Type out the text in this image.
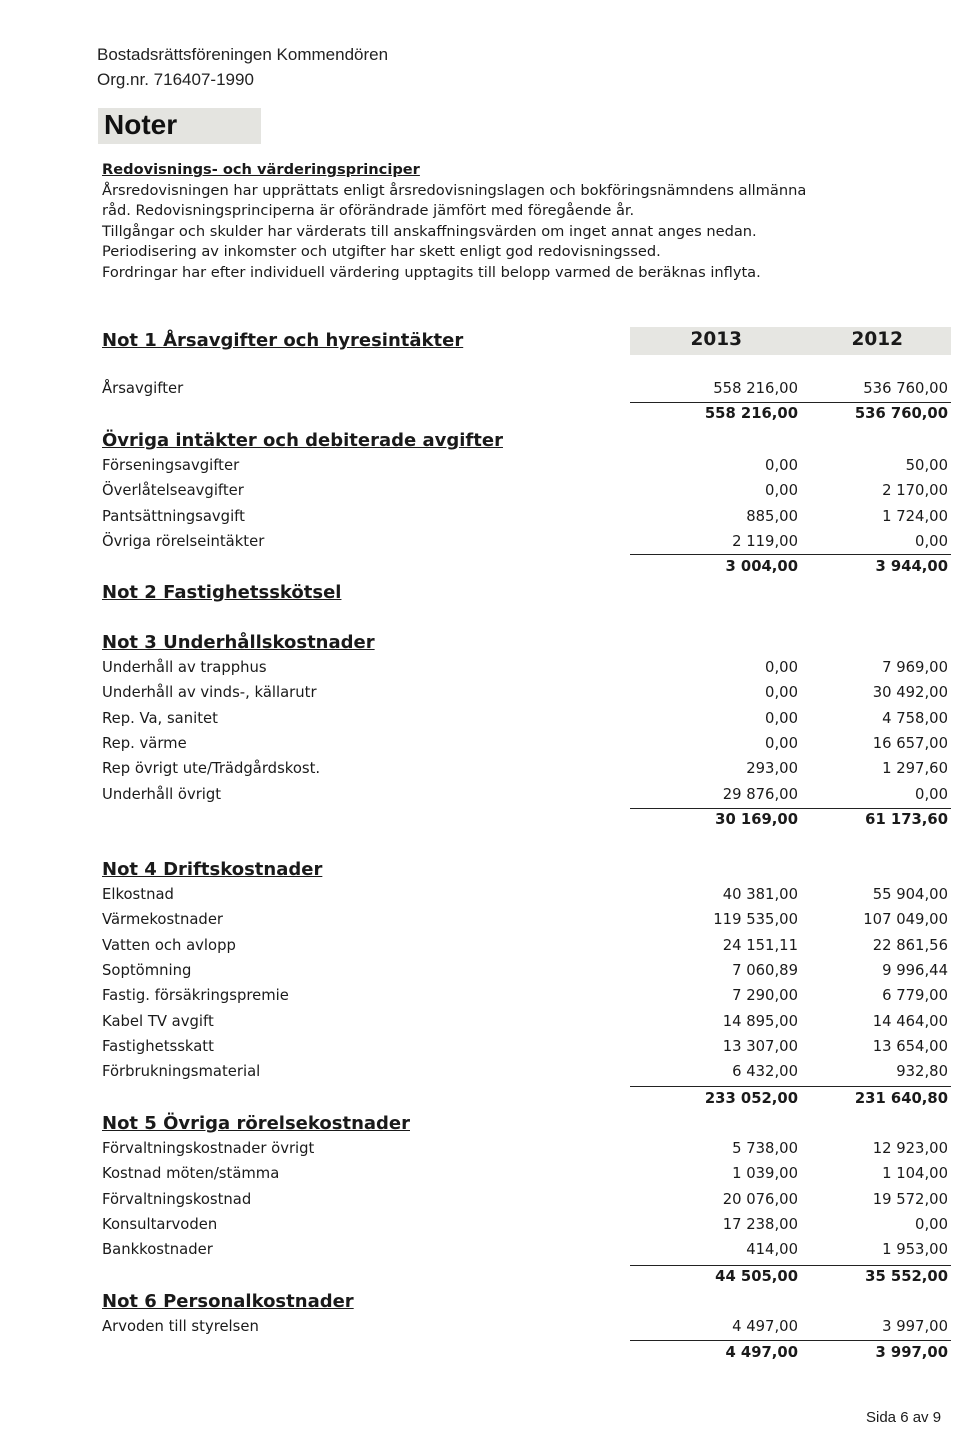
Bostadsrättsföreningen Kommendören
Org.nr. 716407-1990
Noter
Redovisnings- och värderingsprinciper
Årsredovisningen har upprättats enligt årsredovisningslagen och bokföringsnämndens allmänna
råd. Redovisningsprinciperna är oförändrade jämfört med föregående år.
Tillgångar och skulder har värderats till anskaffningsvärden om inget annat anges nedan.
Periodisering av inkomster och utgifter har skett enligt god redovisningssed.
Fordringar har efter individuell värdering upptagits till belopp varmed de beräknas inflyta.
Not 1 Årsavgifter och hyresintäkter	2013	2012
Årsavgifter	558 216,00	536 760,00
558 216,00	536 760,00
Övriga intäkter och debiterade avgifter
Förseningsavgifter	0,00	50,00
Överlåtelseavgifter	0,00	2 170,00
Pantsättningsavgift	885,00	1 724,00
Övriga rörelseintäkter	2 119,00	0,00
3 004,00	3 944,00
Not 2 Fastighetsskötsel
Not 3 Underhållskostnader
Underhåll av trapphus	0,00	7 969,00
Underhåll av vinds-, källarutr	0,00	30 492,00
Rep. Va, sanitet	0,00	4 758,00
Rep. värme	0,00	16 657,00
Rep övrigt ute/Trädgårdskost.	293,00	1 297,60
Underhåll övrigt	29 876,00	0,00
30 169,00	61 173,60
Not 4 Driftskostnader
Elkostnad	40 381,00	55 904,00
Värmekostnader	119 535,00	107 049,00
Vatten och avlopp	24 151,11	22 861,56
Soptömning	7 060,89	9 996,44
Fastig. försäkringspremie	7 290,00	6 779,00
Kabel TV avgift	14 895,00	14 464,00
Fastighetsskatt	13 307,00	13 654,00
Förbrukningsmaterial	6 432,00	932,80
233 052,00	231 640,80
Not 5 Övriga rörelsekostnader
Förvaltningskostnader övrigt	5 738,00	12 923,00
Kostnad möten/stämma	1 039,00	1 104,00
Förvaltningskostnad	20 076,00	19 572,00
Konsultarvoden	17 238,00	0,00
Bankkostnader	414,00	1 953,00
44 505,00	35 552,00
Not 6 Personalkostnader
Arvoden till styrelsen	4 497,00	3 997,00
4 497,00	3 997,00
Sida 6 av 9
